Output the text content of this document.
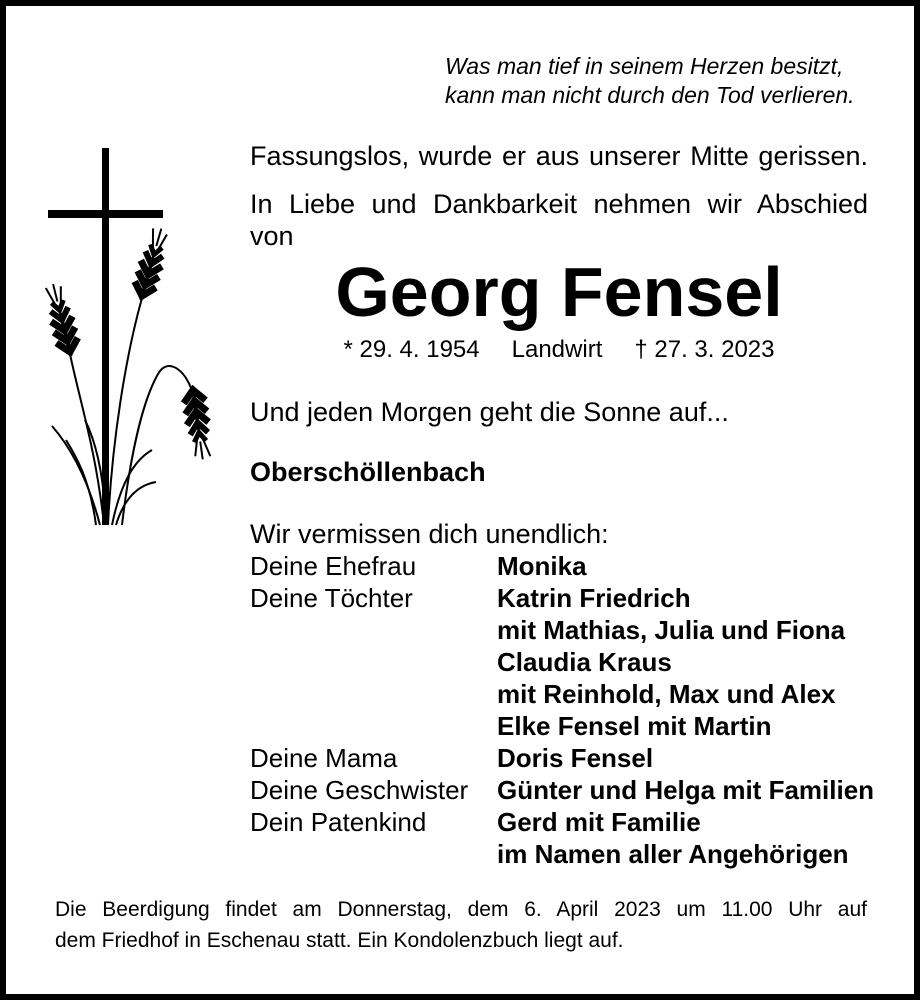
Was man tief in seinem Herzen besitzt,
kann man nicht durch den Tod verlieren.
Fassungslos, wurde er aus unserer Mitte gerissen.
In Liebe und Dankbarkeit nehmen wir Abschied
von
Georg Fensel
* 29. 4. 1954 Landwirt † 27. 3. 2023
Und jeden Morgen geht die Sonne auf...
Oberschöllenbach
Wir vermissen dich unendlich:
Deine Ehefrau	Monika
Deine Töchter	Katrin Friedrich
mit Mathias, Julia und Fiona
Claudia Kraus
mit Reinhold, Max und Alex
Elke Fensel mit Martin
Deine Mama	Doris Fensel
Deine Geschwister	Günter und Helga mit Familien
Dein Patenkind	Gerd mit Familie
im Namen aller Angehörigen
Die Beerdigung findet am Donnerstag, dem 6. April 2023 um 11.00 Uhr auf
dem Friedhof in Eschenau statt. Ein Kondolenzbuch liegt auf.
